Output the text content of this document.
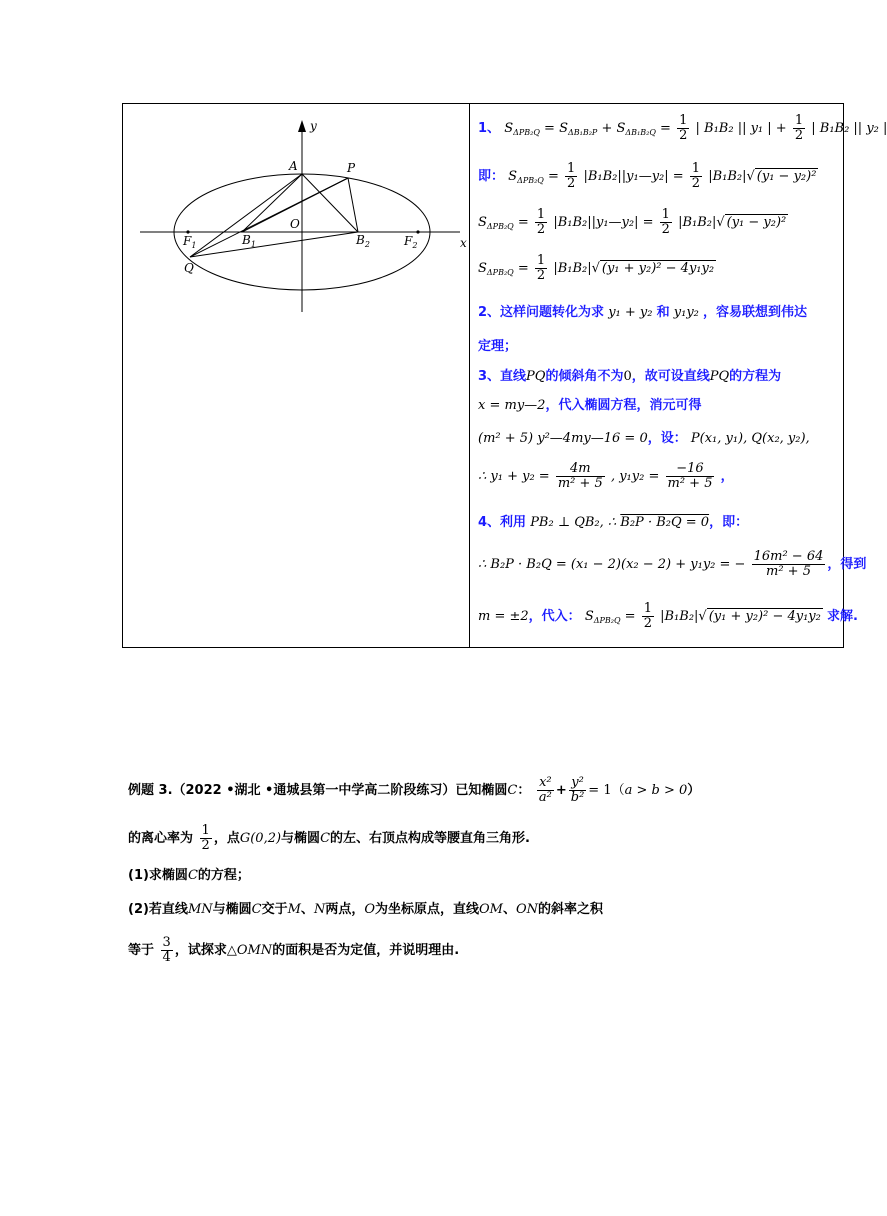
y
x
A	P
O
$F_1$	$B_1$	$B_2$	$F_2$
Q
1、 $S_{\Delta PB_2Q} = S_{\Delta B_1B_2P} + S_{\Delta B_1B_2Q} = \frac{1}{2}$ | B₁B₂ || y₁ | + $\frac{1}{2}$ | B₁B₂ || y₂ |
即： $S_{\Delta PB_2Q} = \frac{1}{2}$ |B₁B₂||y₁—y₂| = $\frac{1}{2} |B_1B_2|√$ (y₁ − y₂)²
$S_{\Delta PB_2Q} = \frac{1}{2}$ |B₁B₂||y₁—y₂| = $\frac{1}{2} |B_1B_2|√$ (y₁ − y₂)²
$S_{\Delta PB_2Q} = \frac{1}{2} |B_1B_2|√$ (y₁ + y₂)² − 4y₁y₂
2、这样问题转化为求 y₁ + y₂ 和 y₁y₂ ，容易联想到伟达
定理；
3、直线PQ的倾斜角不为0，故可设直线PQ的方程为
x = my—2，代入椭圆方程，消元可得
(m² + 5) y²—4my—16 = 0，设： P(x₁, y₁), Q(x₂, y₂),
∴ $y_1 + y_2 = \frac{4m}{\text{m² + 5}}$ , $y_1y_2 = \frac{-16}{\text{m² + 5}}$ ，
4、利用 PB₂ ⊥ QB₂, ∴ B₂P · B₂Q = 0，即：
∴ B₂P · B₂Q = (x₁ − 2)(x₂ − 2) + y₁y₂ = − $\frac{\text{16m² − 64}}{\text{m² + 5}}$ ，得到
m = ±2，代入： $S_{\Delta PB_2Q} = \frac{1}{2} |B_1B_2|√$ (y₁ + y₂)² − 4y₁y₂ 求解.
例题 3.（2022 •湖北 •通城县第一中学高二阶段练习）已知椭圆C： $\frac{\text{x²}}{\text{a²}} + \frac{\text{y²}}{\text{b²}} = 1(a > b > 0)$
的离心率为 $\frac{1}{2}$ ，点G(0,2)与椭圆C的左、右顶点构成等腰直角三角形.
(1)求椭圆C的方程；
(2)若直线MN与椭圆C交于M、N两点，O为坐标原点，直线OM、ON的斜率之积
等于 $\frac{3}{4}$ ，试探求△OMN的面积是否为定值，并说明理由.
